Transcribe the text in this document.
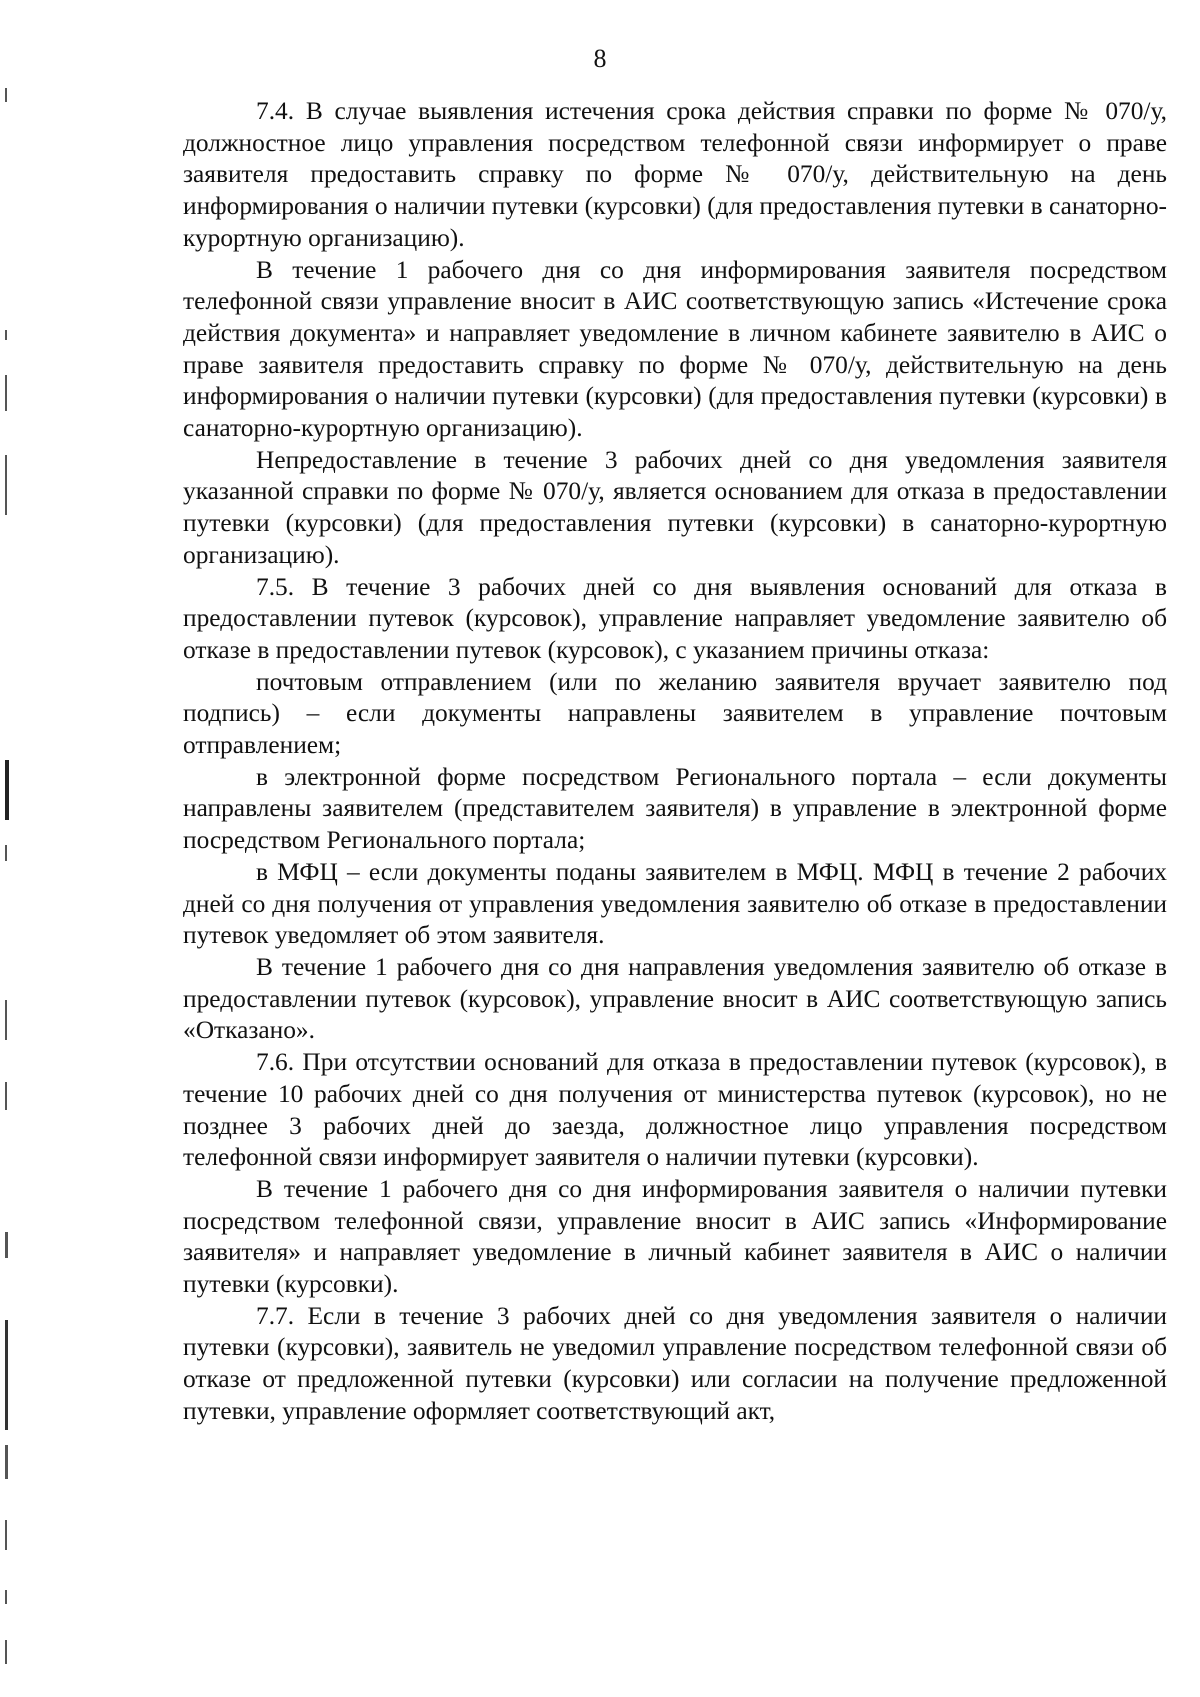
8

7.4. В случае выявления истечения срока действия справки по форме № 070/у, должностное лицо управления посредством телефонной связи информирует о праве заявителя предоставить справку по форме № 070/у, действительную на день информирования о наличии путевки (курсовки) (для предоставления путевки в санаторно-курортную организацию).

В течение 1 рабочего дня со дня информирования заявителя посредством телефонной связи управление вносит в АИС соответствующую запись «Истечение срока действия документа» и направляет уведомление в личном кабинете заявителю в АИС о праве заявителя предоставить справку по форме № 070/у, действительную на день информирования о наличии путевки (курсовки) (для предоставления путевки (курсовки) в санаторно-курортную организацию).

Непредоставление в течение 3 рабочих дней со дня уведомления заявителя указанной справки по форме № 070/у, является основанием для отказа в предоставлении путевки (курсовки) (для предоставления путевки (курсовки) в санаторно-курортную организацию).

7.5. В течение 3 рабочих дней со дня выявления оснований для отказа в предоставлении путевок (курсовок), управление направляет уведомление заявителю об отказе в предоставлении путевок (курсовок), с указанием причины отказа:

почтовым отправлением (или по желанию заявителя вручает заявителю под подпись) – если документы направлены заявителем в управление почтовым отправлением;

в электронной форме посредством Регионального портала – если документы направлены заявителем (представителем заявителя) в управление в электронной форме посредством Регионального портала;

в МФЦ – если документы поданы заявителем в МФЦ. МФЦ в течение 2 рабочих дней со дня получения от управления уведомления заявителю об отказе в предоставлении путевок уведомляет об этом заявителя.

В течение 1 рабочего дня со дня направления уведомления заявителю об отказе в предоставлении путевок (курсовок), управление вносит в АИС соответствующую запись «Отказано».

7.6. При отсутствии оснований для отказа в предоставлении путевок (курсовок), в течение 10 рабочих дней со дня получения от министерства путевок (курсовок), но не позднее 3 рабочих дней до заезда, должностное лицо управления посредством телефонной связи информирует заявителя о наличии путевки (курсовки).

В течение 1 рабочего дня со дня информирования заявителя о наличии путевки посредством телефонной связи, управление вносит в АИС запись «Информирование заявителя» и направляет уведомление в личный кабинет заявителя в АИС о наличии путевки (курсовки).

7.7. Если в течение 3 рабочих дней со дня уведомления заявителя о наличии путевки (курсовки), заявитель не уведомил управление посредством телефонной связи об отказе от предложенной путевки (курсовки) или согласии на получение предложенной путевки, управление оформляет соответствующий акт,
